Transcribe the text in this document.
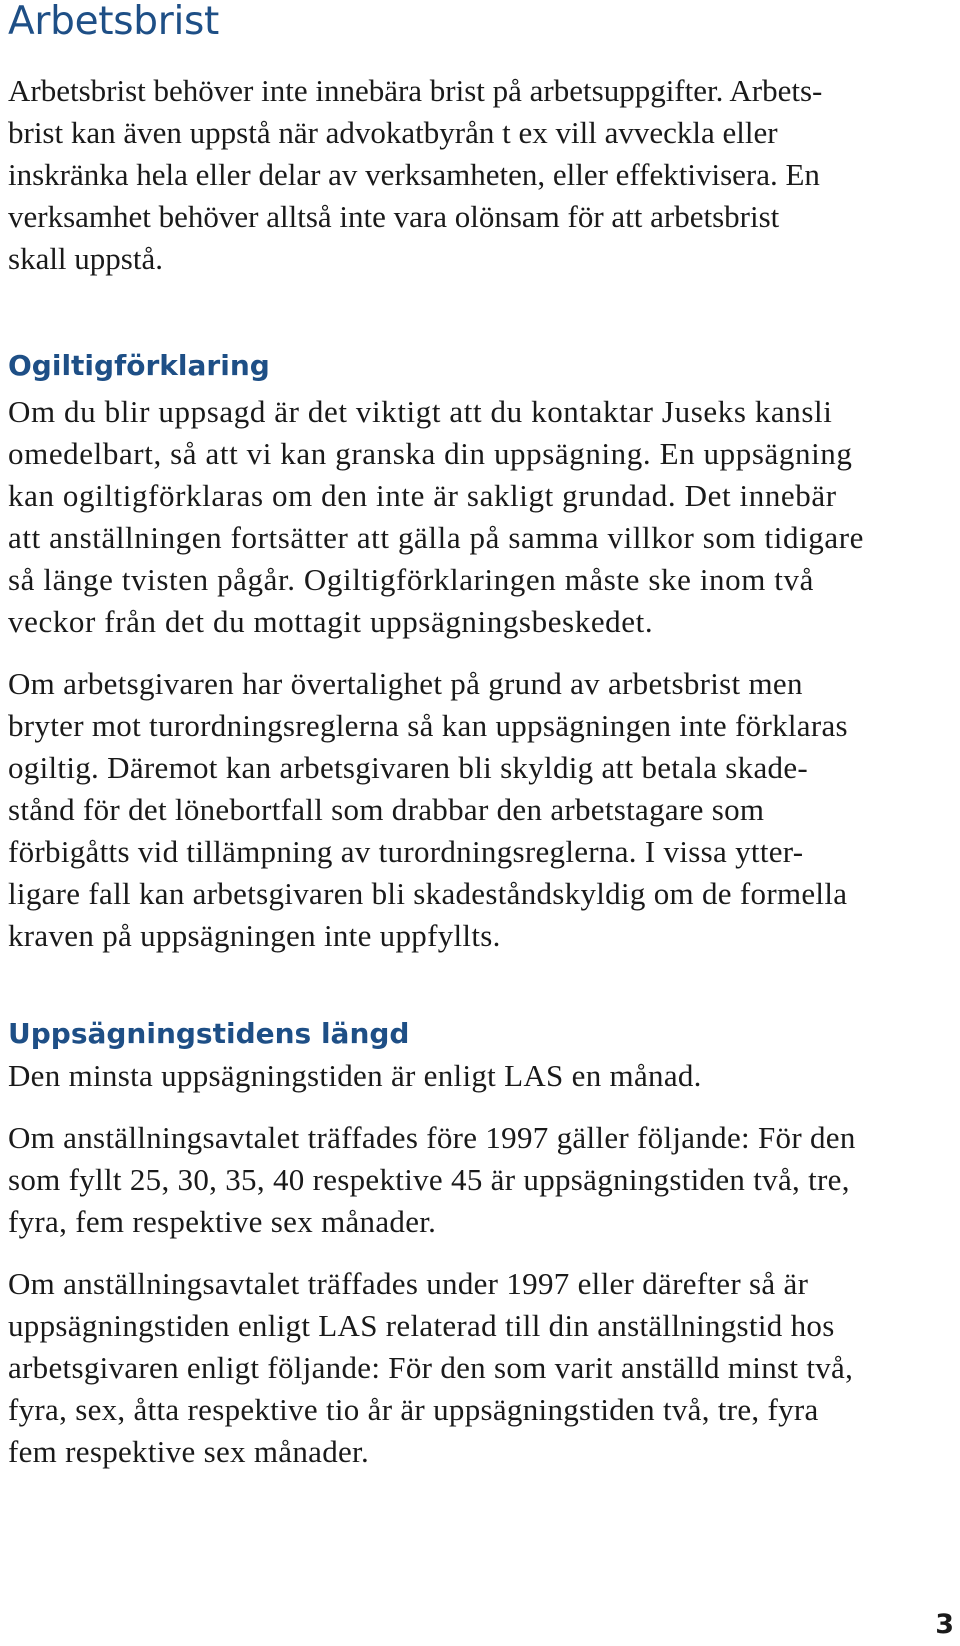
Arbetsbrist

Arbetsbrist behöver inte innebära brist på arbetsuppgifter. Arbets-
brist kan även uppstå när advokatbyrån t ex vill avveckla eller
inskränka hela eller delar av verksamheten, eller effektivisera. En
verksamhet behöver alltså inte vara olönsam för att arbetsbrist
skall uppstå.

Ogiltigförklaring

Om du blir uppsagd är det viktigt att du kontaktar Juseks kansli
omedelbart, så att vi kan granska din uppsägning. En uppsägning
kan ogiltigförklaras om den inte är sakligt grundad. Det innebär
att anställningen fortsätter att gälla på samma villkor som tidigare
så länge tvisten pågår. Ogiltigförklaringen måste ske inom två
veckor från det du mottagit uppsägningsbeskedet.

Om arbetsgivaren har övertalighet på grund av arbetsbrist men
bryter mot turordningsreglerna så kan uppsägningen inte förklaras
ogiltig. Däremot kan arbetsgivaren bli skyldig att betala skade-
stånd för det lönebortfall som drabbar den arbetstagare som
förbigåtts vid tillämpning av turordningsreglerna. I vissa ytter-
ligare fall kan arbetsgivaren bli skadeståndskyldig om de formella
kraven på uppsägningen inte uppfyllts.

Uppsägningstidens längd

Den minsta uppsägningstiden är enligt LAS en månad.

Om anställningsavtalet träffades före 1997 gäller följande: För den
som fyllt 25, 30, 35, 40 respektive 45 är uppsägningstiden två, tre,
fyra, fem respektive sex månader.

Om anställningsavtalet träffades under 1997 eller därefter så är
uppsägningstiden enligt LAS relaterad till din anställningstid hos
arbetsgivaren enligt följande: För den som varit anställd minst två,
fyra, sex, åtta respektive tio år är uppsägningstiden två, tre, fyra
fem respektive sex månader.

3
